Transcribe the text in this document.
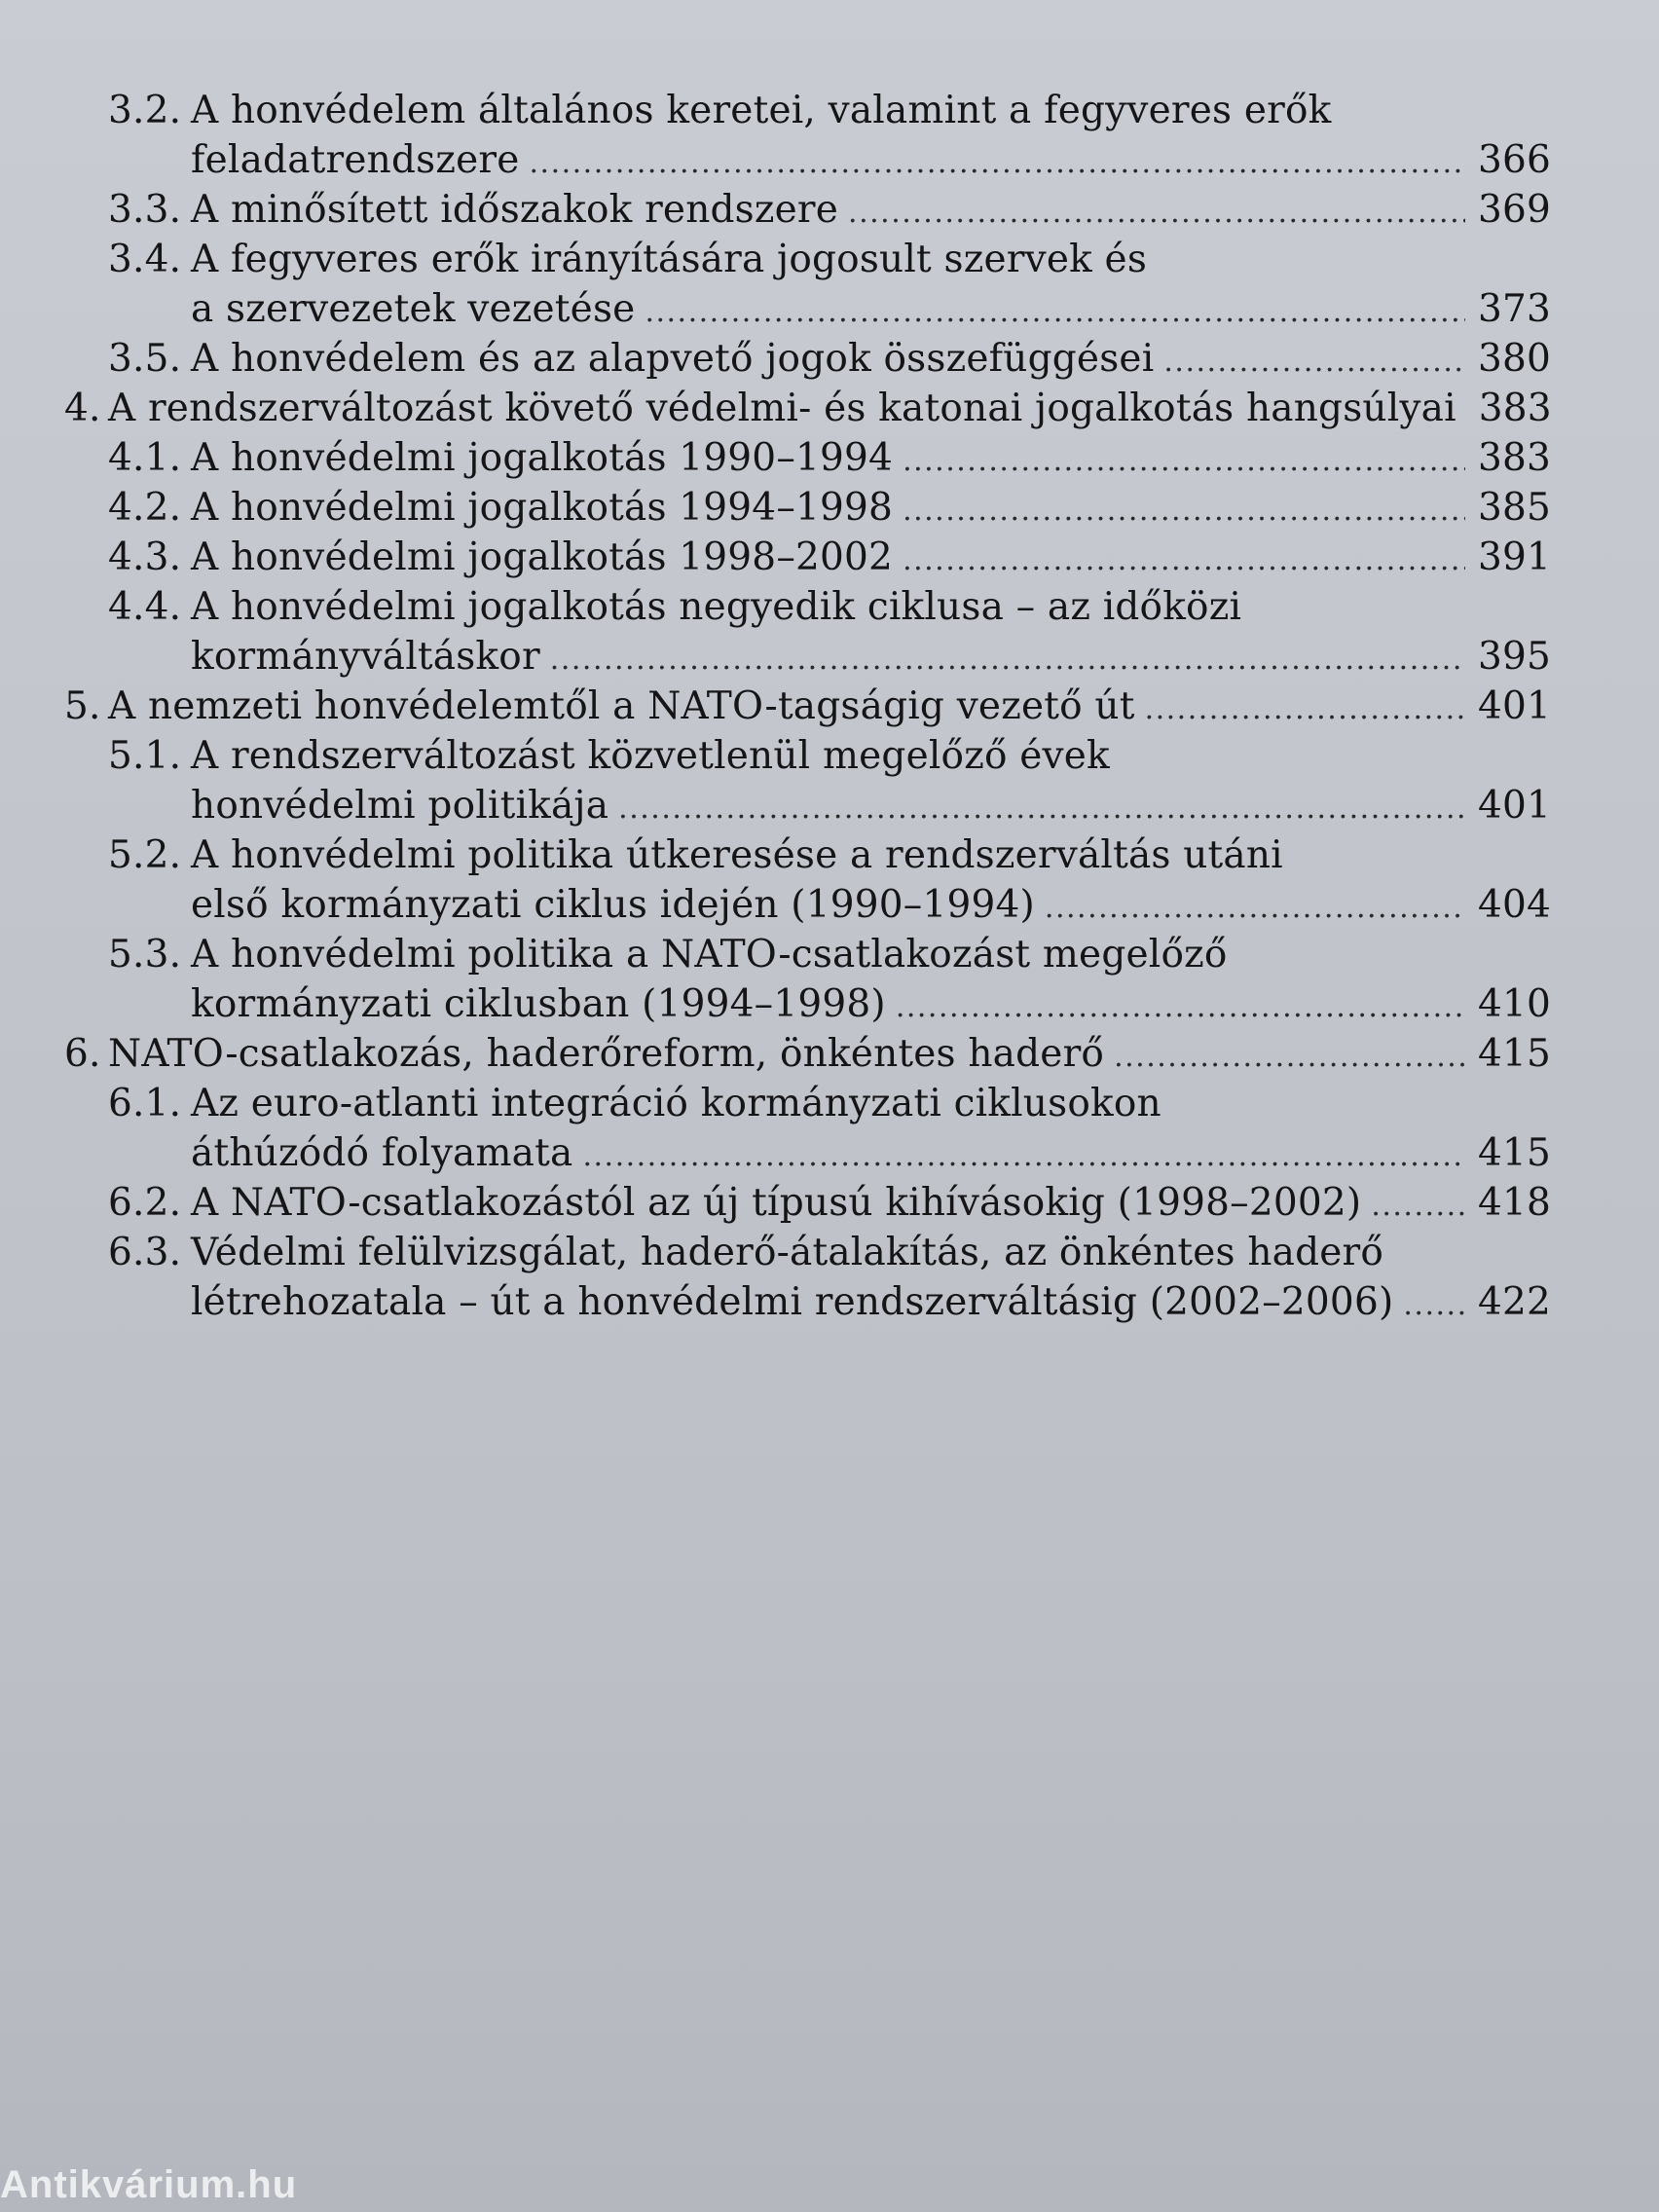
3.2. A honvédelem általános keretei, valamint a fegyveres erők
feladatrendszere .....	366
3.3. A minősített időszakok rendszere .....	369
3.4. A fegyveres erők irányítására jogosult szervek és
a szervezetek vezetése .....	373
3.5. A honvédelem és az alapvető jogok összefüggései .....	380
4. A rendszerváltozást követő védelmi- és katonai jogalkotás hangsúlyai 383
4.1. A honvédelmi jogalkotás 1990–1994 .....	383
4.2. A honvédelmi jogalkotás 1994–1998 .....	385
4.3. A honvédelmi jogalkotás 1998–2002 .....	391
4.4. A honvédelmi jogalkotás negyedik ciklusa – az időközi
kormányváltáskor .....	395
5. A nemzeti honvédelemtől a NATO-tagságig vezető út .....	401
5.1. A rendszerváltozást közvetlenül megelőző évek
honvédelmi politikája .....	401
5.2. A honvédelmi politika útkeresése a rendszerváltás utáni
első kormányzati ciklus idején (1990–1994) .....	404
5.3. A honvédelmi politika a NATO-csatlakozást megelőző
kormányzati ciklusban (1994–1998) .....	410
6. NATO-csatlakozás, haderőreform, önkéntes haderő .....	415
6.1. Az euro-atlanti integráció kormányzati ciklusokon
áthúzódó folyamata .....	415
6.2. A NATO-csatlakozástól az új típusú kihívásokig (1998–2002) .....	418
6.3. Védelmi felülvizsgálat, haderő-átalakítás, az önkéntes haderő
létrehozatala – út a honvédelmi rendszerváltásig (2002–2006) ..... 422
Antikvárium.hu
